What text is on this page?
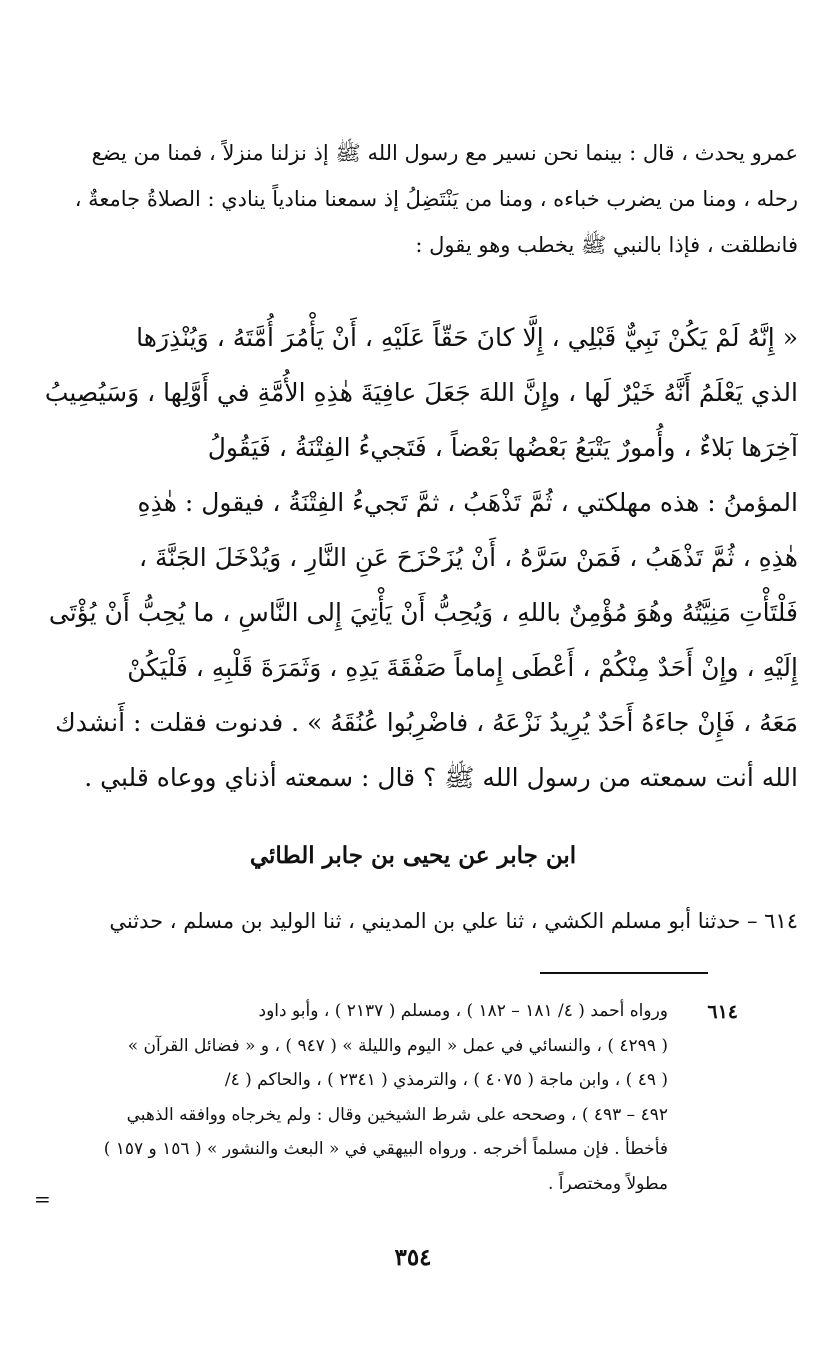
عمرو يحدث ، قال : بينما نحن نسير مع رسول الله ﷺ إذ نزلنا منزلاً ، فمنا من يضع
رحله ، ومنا من يضرب خباءه ، ومنا من يَنْتَضِلُ إذ سمعنا منادياً ينادي : الصلاةُ جامعةٌ ،
فانطلقت ، فإذا بالنبي ﷺ يخطب وهو يقول :
« إِنَّهُ لَمْ يَكُنْ نَبِيٌّ قَبْلِي ، إِلَّا كانَ حَقّاً عَلَيْهِ ، أَنْ يَأْمُرَ أُمَّتَهُ ، وَيُنْذِرَها
الذي يَعْلَمُ أَنَّهُ خَيْرٌ لَها ، وإِنَّ اللهَ جَعَلَ عافِيَةَ هٰذِهِ الأُمَّةِ في أَوَّلِها ، وَسَيُصِيبُ
آخِرَها بَلاءٌ ، وأُمورٌ يَتْبَعُ بَعْضُها بَعْضاً ، فَتَجيءُ الفِتْنَةُ ، فَيَقُولُ
المؤمنُ : هذه مهلكتي ، ثُمَّ تَذْهَبُ ، ثمَّ تَجيءُ الفِتْنَةُ ، فيقول : هٰذِهِ
هٰذِهِ ، ثُمَّ تَذْهَبُ ، فَمَنْ سَرَّهُ ، أَنْ يُزَحْزَحَ عَنِ النَّارِ ، وَيُدْخَلَ الجَنَّةَ ،
فَلْتَأْتِ مَنِيَّتُهُ وهُوَ مُؤْمِنٌ باللهِ ، وَيُحِبُّ أَنْ يَأْتِيَ إِلى النَّاسِ ، ما يُحِبُّ أَنْ يُؤْتَى
إِلَيْهِ ، وإِنْ أَحَدٌ مِنْكُمْ ، أَعْطَى إِماماً صَفْقَةَ يَدِهِ ، وَثَمَرَةَ قَلْبِهِ ، فَلْيَكُنْ
مَعَهُ ، فَإِنْ جاءَهُ أَحَدٌ يُرِيدُ نَزْعَهُ ، فاضْرِبُوا عُنُقَهُ » . فدنوت فقلت : أَنشدك
الله أنت سمعته من رسول الله ﷺ ؟ قال : سمعته أذناي ووعاه قلبي .
ابن جابر عن يحيى بن جابر الطائي
٦١٤ – حدثنا أبو مسلم الكشي ، ثنا علي بن المديني ، ثنا الوليد بن مسلم ، حدثني
٦١٤
ورواه أحمد ( ٤/ ١٨١ – ١٨٢ ) ، ومسلم ( ٢١٣٧ ) ، وأبو داود
( ٤٢٩٩ ) ، والنسائي في عمل « اليوم والليلة » ( ٩٤٧ ) ، و « فضائل القرآن »
( ٤٩ ) ، وابن ماجة ( ٤٠٧٥ ) ، والترمذي ( ٢٣٤١ ) ، والحاكم ( ٤/
٤٩٢ – ٤٩٣ ) ، وصححه على شرط الشيخين وقال : ولم يخرجاه ووافقه الذهبي
فأخطأ . فإن مسلماً أخرجه . ورواه البيهقي في « البعث والنشور » ( ١٥٦ و ١٥٧ )
مطولاً ومختصراً .
=
٣٥٤
